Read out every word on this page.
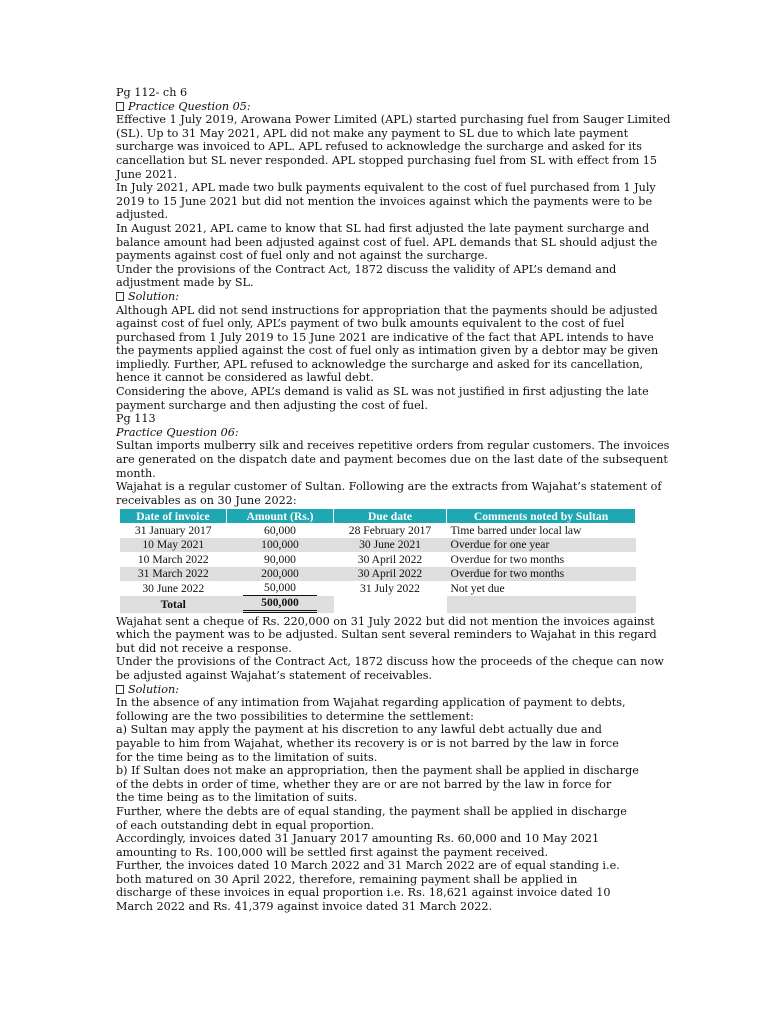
Pg 112- ch 6
Practice Question 05:
Effective 1 July 2019, Arowana Power Limited (APL) started purchasing fuel from Sauger Limited
(SL). Up to 31 May 2021, APL did not make any payment to SL due to which late payment
surcharge was invoiced to APL. APL refused to acknowledge the surcharge and asked for its
cancellation but SL never responded. APL stopped purchasing fuel from SL with effect from 15
June 2021.
In July 2021, APL made two bulk payments equivalent to the cost of fuel purchased from 1 July
2019 to 15 June 2021 but did not mention the invoices against which the payments were to be
adjusted.
In August 2021, APL came to know that SL had first adjusted the late payment surcharge and
balance amount had been adjusted against cost of fuel. APL demands that SL should adjust the
payments against cost of fuel only and not against the surcharge.
Under the provisions of the Contract Act, 1872 discuss the validity of APL’s demand and
adjustment made by SL.
Solution:
Although APL did not send instructions for appropriation that the payments should be adjusted
against cost of fuel only, APL’s payment of two bulk amounts equivalent to the cost of fuel
purchased from 1 July 2019 to 15 June 2021 are indicative of the fact that APL intends to have
the payments applied against the cost of fuel only as intimation given by a debtor may be given
impliedly. Further, APL refused to acknowledge the surcharge and asked for its cancellation,
hence it cannot be considered as lawful debt.
Considering the above, APL’s demand is valid as SL was not justified in first adjusting the late
payment surcharge and then adjusting the cost of fuel.
Pg 113
Practice Question 06:
Sultan imports mulberry silk and receives repetitive orders from regular customers. The invoices
are generated on the dispatch date and payment becomes due on the last date of the subsequent
month.
Wajahat is a regular customer of Sultan. Following are the extracts from Wajahat’s statement of
receivables as on 30 June 2022:
Date of invoice	Amount (Rs.)	Due date	Comments noted by Sultan
31 January 2017	60,000	28 February 2017	Time barred under local law
10 May 2021	100,000	30 June 2021	Overdue for one year
10 March 2022	90,000	30 April 2022	Overdue for two months
31 March 2022	200,000	30 April 2022	Overdue for two months
30 June 2022	50,000	31 July 2022	Not yet due
Total	500,000		
Wajahat sent a cheque of Rs. 220,000 on 31 July 2022 but did not mention the invoices against
which the payment was to be adjusted. Sultan sent several reminders to Wajahat in this regard
but did not receive a response.
Under the provisions of the Contract Act, 1872 discuss how the proceeds of the cheque can now
be adjusted against Wajahat’s statement of receivables.
Solution:
In the absence of any intimation from Wajahat regarding application of payment to debts,
following are the two possibilities to determine the settlement:
a) Sultan may apply the payment at his discretion to any lawful debt actually due and
payable to him from Wajahat, whether its recovery is or is not barred by the law in force
for the time being as to the limitation of suits.
b) If Sultan does not make an appropriation, then the payment shall be applied in discharge
of the debts in order of time, whether they are or are not barred by the law in force for
the time being as to the limitation of suits.
Further, where the debts are of equal standing, the payment shall be applied in discharge
of each outstanding debt in equal proportion.
Accordingly, invoices dated 31 January 2017 amounting Rs. 60,000 and 10 May 2021
amounting to Rs. 100,000 will be settled first against the payment received.
Further, the invoices dated 10 March 2022 and 31 March 2022 are of equal standing i.e.
both matured on 30 April 2022, therefore, remaining payment shall be applied in
discharge of these invoices in equal proportion i.e. Rs. 18,621 against invoice dated 10
March 2022 and Rs. 41,379 against invoice dated 31 March 2022.
